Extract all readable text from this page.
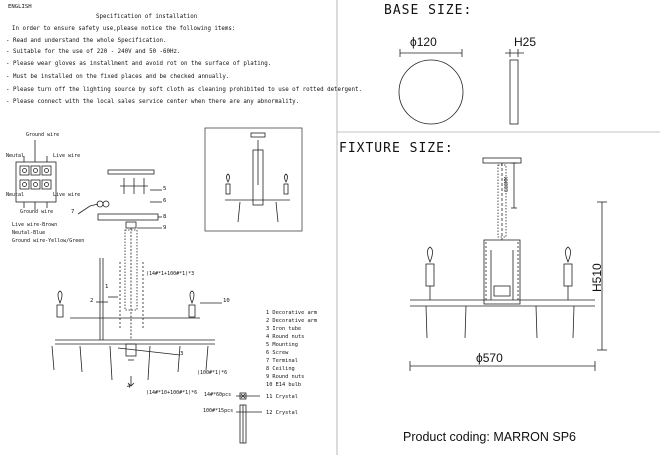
ENGLISH
Specification of installation
In order to ensure safety use,please notice the following items:
- Read and understand the whole Specification.
- Suitable for the use of 220 - 240V and 50 -60Hz.
- Please wear gloves as installment and avoid rot on the surface of plating.
- Must be installed on the fixed places and be checked annually.
- Please turn off the lighting source by soft cloth as cleaning prohibited to use of rotted detergent.
- Please connect with the local sales service center when there are any abnormality.
Ground wire
Neutal	Live wire
Neutal	Live wire
Ground wire
Live wire-Brown
Neutal-Blue
Ground wire-Yellow/Green
5
6
7
8
9
1
2	10
3
4
(14#*1+100#*1)*3
(100#*1)*6
(14#*10+100#*1)*6 14#*60pcs
100#*15pcs
1 Decorative arm
2 Decorative arm
3 Iron tube
4 Round nuts
5 Mounting
6 Screw
7 Terminal
8 Ceiling
9 Round nuts
10 E14 bulb
11 Crystal
12 Crystal
BASE SIZE:
ϕ120	H25
FIXTURE SIZE:
600MM
H510
ϕ570
Product coding: MARRON SP6
